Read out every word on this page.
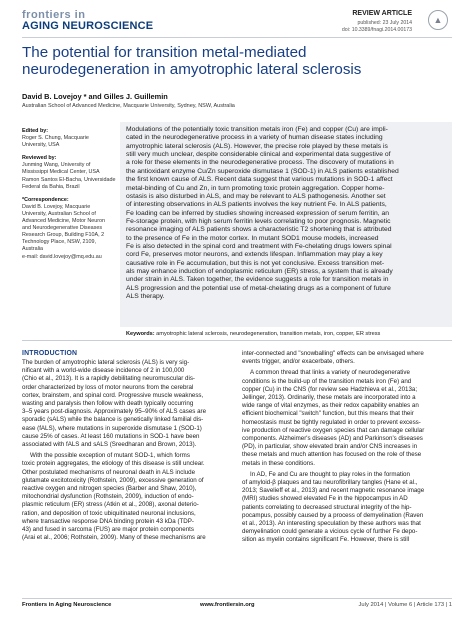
frontiers in
AGING NEUROSCIENCE
REVIEW ARTICLE
published: 23 July 2014
doi: 10.3389/fnagi.2014.00173
▲
The potential for transition metal-mediated
neurodegeneration in amyotrophic lateral sclerosis
David B. Lovejoy * and Gilles J. Guillemin
Australian School of Advanced Medicine, Macquarie University, Sydney, NSW, Australia
Edited by:
Roger S. Chung, Macquarie
University, USA
Reviewed by:
Junming Wang, University of
Mississippi Medical Center, USA
Ramon Santos El-Bacha, Universidade
Federal da Bahia, Brazil
*Correspondence:
David B. Lovejoy, Macquarie
University, Australian School of
Advanced Medicine, Motor Neuron
and Neurodegenerative Diseases
Research Group, Building F10A, 2
Technology Place, NSW, 2109,
Australia
e-mail: david.lovejoy@mq.edu.au
Modulations of the potentially toxic transition metals iron (Fe) and copper (Cu) are impli-
cated in the neurodegenerative process in a variety of human disease states including
amyotrophic lateral sclerosis (ALS). However, the precise role played by these metals is
still very much unclear, despite considerable clinical and experimental data suggestive of
a role for these elements in the neurodegenerative process. The discovery of mutations in
the antioxidant enzyme Cu/Zn superoxide dismutase 1 (SOD-1) in ALS patients established
the first known cause of ALS. Recent data suggest that various mutations in SOD-1 affect
metal-binding of Cu and Zn, in turn promoting toxic protein aggregation. Copper home-
ostasis is also disturbed in ALS, and may be relevant to ALS pathogenesis. Another set
of interesting observations in ALS patients involves the key nutrient Fe. In ALS patients,
Fe loading can be inferred by studies showing increased expression of serum ferritin, an
Fe-storage protein, with high serum ferritin levels correlating to poor prognosis. Magnetic
resonance imaging of ALS patients shows a characteristic T2 shortening that is attributed
to the presence of Fe in the motor cortex. In mutant SOD1 mouse models, increased
Fe is also detected in the spinal cord and treatment with Fe-chelating drugs lowers spinal
cord Fe, preserves motor neurons, and extends lifespan. Inflammation may play a key
causative role in Fe accumulation, but this is not yet conclusive. Excess transition met-
als may enhance induction of endoplasmic reticulum (ER) stress, a system that is already
under strain in ALS. Taken together, the evidence suggests a role for transition metals in
ALS progression and the potential use of metal-chelating drugs as a component of future
ALS therapy.
Keywords: amyotrophic lateral sclerosis, neurodegeneration, transition metals, iron, copper, ER stress
INTRODUCTION
The burden of amyotrophic lateral sclerosis (ALS) is very sig-
nificant with a world-wide disease incidence of 2 in 100,000
(Chio et al., 2013). It is a rapidly debilitating neuromuscular dis-
order characterized by loss of motor neurons from the cerebral
cortex, brainstem, and spinal cord. Progressive muscle weakness,
wasting and paralysis then follow with death typically occurring
3–5 years post-diagnosis. Approximately 95–90% of ALS cases are
sporadic (sALS) while the balance is genetically linked familial dis-
ease (fALS), where mutations in superoxide dismutase 1 (SOD-1)
cause 25% of cases. At least 160 mutations in SOD-1 have been
associated with fALS and sALS (Sreedharan and Brown, 2013).
With the possible exception of mutant SOD-1, which forms
toxic protein aggregates, the etiology of this disease is still unclear.
Other postulated mechanisms of neuronal death in ALS include
glutamate excitotoxicity (Rothstein, 2009), excessive generation of
reactive oxygen and nitrogen species (Barber and Shaw, 2010),
mitochondrial dysfunction (Rothstein, 2009), induction of endo-
plasmic reticulum (ER) stress (Atkin et al., 2008), axonal deterio-
ration, and deposition of toxic ubiquitinated neuronal inclusions,
where transactive response DNA binding protein 43 kDa (TDP-
43) and fused in sarcoma (FUS) are major protein components
(Arai et al., 2006; Rothstein, 2009). Many of these mechanisms are
inter-connected and "snowballing" effects can be envisaged where
events trigger, and/or exacerbate, others.
A common thread that links a variety of neurodegenerative
conditions is the build-up of the transition metals iron (Fe) and
copper (Cu) in the CNS (for review see Hadzhieva et al., 2013a;
Jellinger, 2013). Ordinarily, these metals are incorporated into a
wide range of vital enzymes, as their redox capability enables an
efficient biochemical "switch" function, but this means that their
homeostasis must be tightly regulated in order to prevent excess-
ive production of reactive oxygen species that can damage cellular
components. Alzheimer's diseases (AD) and Parkinson's diseases
(PD), in particular, show elevated brain and/or CNS increases in
these metals and much attention has focused on the role of these
metals in these conditions.
In AD, Fe and Cu are thought to play roles in the formation
of amyloid-β plaques and tau neurofibrillary tangles (Hane et al.,
2013; Savelieff et al., 2013) and recent magnetic resonance image
(MRI) studies showed elevated Fe in the hippocampus in AD
patients correlating to decreased structural integrity of the hip-
pocampus, possibly caused by a process of demyelination (Raven
et al., 2013). An interesting speculation by these authors was that
demyelination could generate a vicious cycle of further Fe depo-
sition as myelin contains significant Fe. However, there is still
Frontiers in Aging Neuroscience	www.frontiersin.org	July 2014 | Volume 6 | Article 173 | 1
